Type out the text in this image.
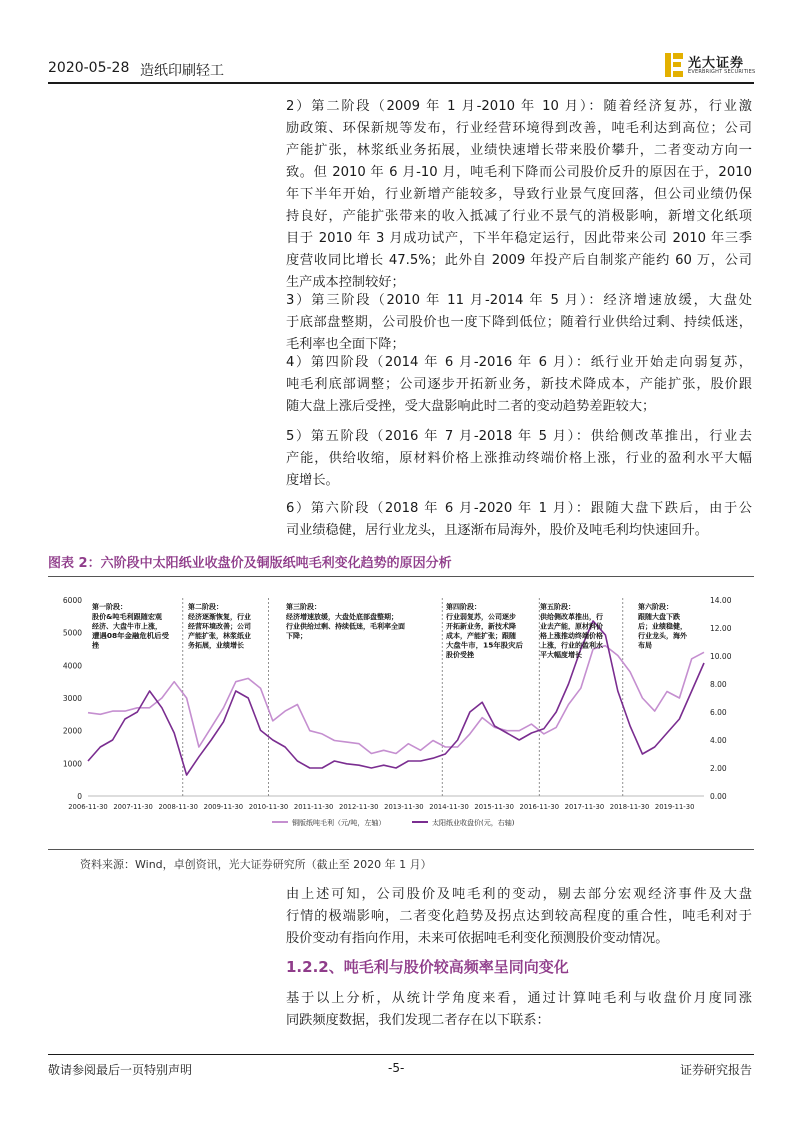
2020-05-28 造纸印刷轻工	光大证券
EVERBRIGHT SECURITIES
2）第二阶段（2009 年 1 月-2010 年 10 月）：随着经济复苏，行业激
励政策、环保新规等发布，行业经营环境得到改善，吨毛利达到高位；公司
产能扩张，林浆纸业务拓展，业绩快速增长带来股价攀升，二者变动方向一
致。但 2010 年 6 月-10 月，吨毛利下降而公司股价反升的原因在于，2010
年下半年开始，行业新增产能较多，导致行业景气度回落，但公司业绩仍保
持良好，产能扩张带来的收入抵减了行业不景气的消极影响，新增文化纸项
目于 2010 年 3 月成功试产，下半年稳定运行，因此带来公司 2010 年三季
度营收同比增长 47.5%；此外自 2009 年投产后自制浆产能约 60 万，公司
生产成本控制较好；
3）第三阶段（2010 年 11 月-2014 年 5 月）：经济增速放缓，大盘处
于底部盘整期，公司股价也一度下降到低位；随着行业供给过剩、持续低迷，
毛利率也全面下降；
4）第四阶段（2014 年 6 月-2016 年 6 月）：纸行业开始走向弱复苏，
吨毛利底部调整；公司逐步开拓新业务，新技术降成本，产能扩张，股价跟
随大盘上涨后受挫，受大盘影响此时二者的变动趋势差距较大；
5）第五阶段（2016 年 7 月-2018 年 5 月）：供给侧改革推出，行业去
产能，供给收缩，原材料价格上涨推动终端价格上涨，行业的盈利水平大幅
度增长。
6）第六阶段（2018 年 6 月-2020 年 1 月）：跟随大盘下跌后，由于公
司业绩稳健，居行业龙头，且逐渐布局海外，股价及吨毛利均快速回升。
图表 2：六阶段中太阳纸业收盘价及铜版纸吨毛利变化趋势的原因分析
0
1000
2000
3000
4000
5000
6000
0.00
2.00
4.00
6.00
8.00
10.00
12.00
14.00
2006-11-30 2007-11-30 2008-11-30 2009-11-30 2010-11-30 2011-11-30 2012-11-30 2013-11-30 2014-11-30 2015-11-30 2016-11-30 2017-11-30 2018-11-30 2019-11-30
第一阶段：
股价&吨毛利跟随宏观
经济、大盘牛市上涨，
遭遇08年金融危机后受
挫
第二阶段：
经济逐渐恢复，行业
经营环境改善；公司
产能扩张，林浆纸业
务拓展，业绩增长
第三阶段：
经济增速放缓，大盘处底部盘整期；
行业供给过剩、持续低迷，毛利率全面
下降；
第四阶段：
行业弱复苏，公司逐步
开拓新业务，新技术降
成本，产能扩张；跟随
大盘牛市，15年股灾后
股价受挫
第五阶段：
供给侧改革推出，行
业去产能，原材料价
格上涨推动终端价格
上涨，行业的盈利水
平大幅度增长
第六阶段：
跟随大盘下跌
后；业绩稳健，
行业龙头，海外
布局
铜版纸吨毛利（元/吨，左轴）	太阳纸业收盘价(元，右轴)
资料来源：Wind，卓创资讯，光大证券研究所（截止至 2020 年 1 月）
由上述可知，公司股价及吨毛利的变动，剔去部分宏观经济事件及大盘
行情的极端影响，二者变化趋势及拐点达到较高程度的重合性，吨毛利对于
股价变动有指向作用，未来可依据吨毛利变化预测股价变动情况。
1.2.2、吨毛利与股价较高频率呈同向变化
基于以上分析，从统计学角度来看，通过计算吨毛利与收盘价月度同涨
同跌频度数据，我们发现二者存在以下联系：
敬请参阅最后一页特别声明	-5-	证券研究报告
